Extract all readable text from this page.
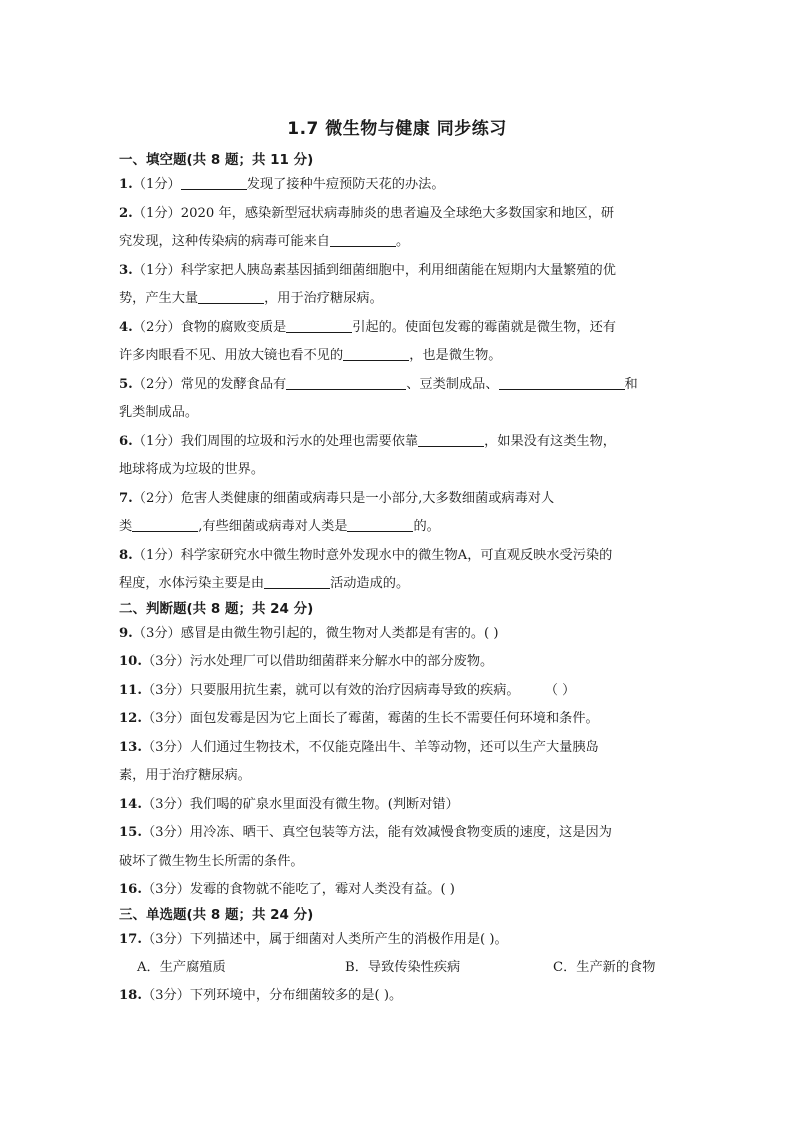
1.7 微生物与健康 同步练习
一、填空题(共 8 题；共 11 分)
1.（1分）	发现了接种牛痘预防天花的办法。
2.（1分）2020 年，感染新型冠状病毒肺炎的患者遍及全球绝大多数国家和地区，研
究发现，这种传染病的病毒可能来自	。
3.（1分）科学家把人胰岛素基因插到细菌细胞中，利用细菌能在短期内大量繁殖的优
势，产生大量	，用于治疗糖尿病。
4.（2分）食物的腐败变质是	引起的。使面包发霉的霉菌就是微生物，还有
许多肉眼看不见、用放大镜也看不见的	，也是微生物。
5.（2分）常见的发酵食品有	、豆类制成品、	和
乳类制成品。
6.（1分）我们周围的垃圾和污水的处理也需要依靠	，如果没有这类生物，
地球将成为垃圾的世界。
7.（2分）危害人类健康的细菌或病毒只是一小部分,大多数细菌或病毒对人
类	,有些细菌或病毒对人类是	的。
8.（1分）科学家研究水中微生物时意外发现水中的微生物A，可直观反映水受污染的
程度，水体污染主要是由	活动造成的。
二、判断题(共 8 题；共 24 分)
9.（3分）感冒是由微生物引起的，微生物对人类都是有害的。( )
10.（3分）污水处理厂可以借助细菌群来分解水中的部分废物。
11.（3分）只要服用抗生素，就可以有效的治疗因病毒导致的疾病。 （ ）
12.（3分）面包发霉是因为它上面长了霉菌，霉菌的生长不需要任何环境和条件。
13.（3分）人们通过生物技术，不仅能克隆出牛、羊等动物，还可以生产大量胰岛
素，用于治疗糖尿病。
14.（3分）我们喝的矿泉水里面没有微生物。(判断对错）
15.（3分）用冷冻、晒干、真空包装等方法，能有效减慢食物变质的速度，这是因为
破坏了微生物生长所需的条件。
16.（3分）发霉的食物就不能吃了，霉对人类没有益。( )
三、单选题(共 8 题；共 24 分)
17.（3分）下列描述中，属于细菌对人类所产生的消极作用是( )。
A．生产腐殖质	B．导致传染性疾病	C．生产新的食物
18.（3分）下列环境中，分布细菌较多的是( )。
